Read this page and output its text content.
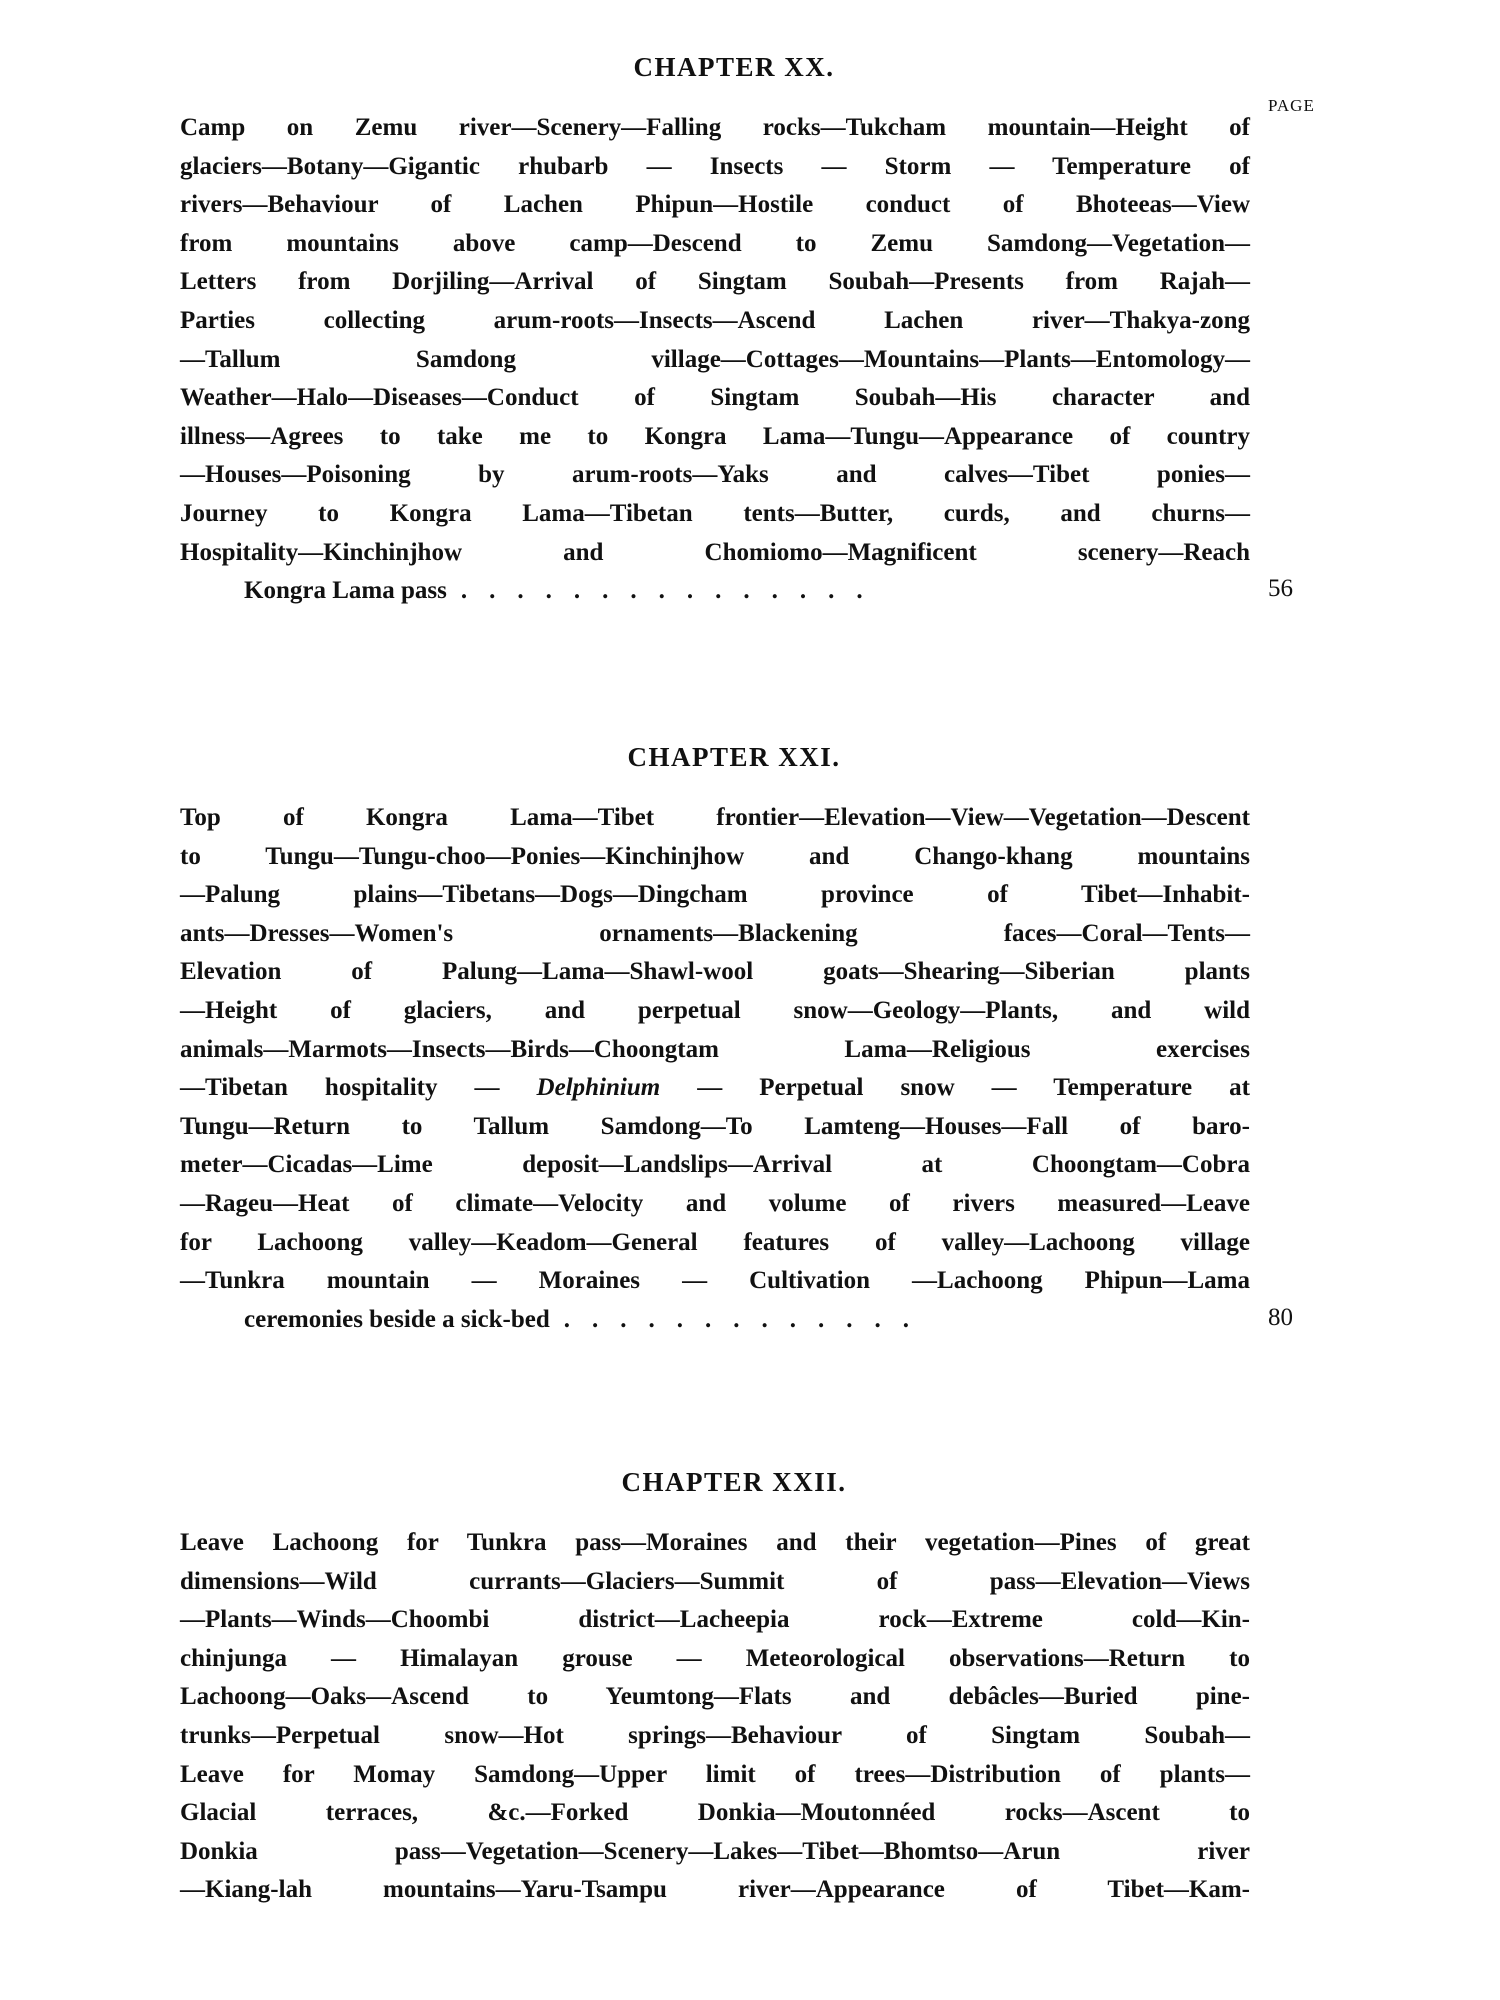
PAGE
CHAPTER XX.
Camp on Zemu river—Scenery—Falling rocks—Tukcham mountain—Height of
glaciers—Botany—Gigantic rhubarb — Insects — Storm — Temperature of
rivers—Behaviour of Lachen Phipun—Hostile conduct of Bhoteeas—View
from mountains above camp—Descend to Zemu Samdong—Vegetation—
Letters from Dorjiling—Arrival of Singtam Soubah—Presents from Rajah—
Parties collecting arum-roots—Insects—Ascend Lachen river—Thakya-zong
—Tallum Samdong village—Cottages—Mountains—Plants—Entomology—
Weather—Halo—Diseases—Conduct of Singtam Soubah—His character and
illness—Agrees to take me to Kongra Lama—Tungu—Appearance of country
—Houses—Poisoning by arum-roots—Yaks and calves—Tibet ponies—
Journey to Kongra Lama—Tibetan tents—Butter, curds, and churns—
Hospitality—Kinchinjhow and Chomiomo—Magnificent scenery—Reach
Kongra Lama pass ...............	56
CHAPTER XXI.
Top of Kongra Lama—Tibet frontier—Elevation—View—Vegetation—Descent
to Tungu—Tungu-choo—Ponies—Kinchinjhow and Chango-khang mountains
—Palung plains—Tibetans—Dogs—Dingcham province of Tibet—Inhabit-
ants—Dresses—Women's ornaments—Blackening faces—Coral—Tents—
Elevation of Palung—Lama—Shawl-wool goats—Shearing—Siberian plants
—Height of glaciers, and perpetual snow—Geology—Plants, and wild
animals—Marmots—Insects—Birds—Choongtam Lama—Religious exercises
—Tibetan hospitality — Delphinium — Perpetual snow — Temperature at
Tungu—Return to Tallum Samdong—To Lamteng—Houses—Fall of baro-
meter—Cicadas—Lime deposit—Landslips—Arrival at Choongtam—Cobra
—Rageu—Heat of climate—Velocity and volume of rivers measured—Leave
for Lachoong valley—Keadom—General features of valley—Lachoong village
—Tunkra mountain — Moraines — Cultivation —Lachoong Phipun—Lama
ceremonies beside a sick-bed .............	80
CHAPTER XXII.
Leave Lachoong for Tunkra pass—Moraines and their vegetation—Pines of great
dimensions—Wild currants—Glaciers—Summit of pass—Elevation—Views
—Plants—Winds—Choombi district—Lacheepia rock—Extreme cold—Kin-
chinjunga — Himalayan grouse — Meteorological observations—Return to
Lachoong—Oaks—Ascend to Yeumtong—Flats and debâcles—Buried pine-
trunks—Perpetual snow—Hot springs—Behaviour of Singtam Soubah—
Leave for Momay Samdong—Upper limit of trees—Distribution of plants—
Glacial terraces, &c.—Forked Donkia—Moutonnéed rocks—Ascent to
Donkia pass—Vegetation—Scenery—Lakes—Tibet—Bhomtso—Arun river
—Kiang-lah mountains—Yaru-Tsampu river—Appearance of Tibet—Kam-
